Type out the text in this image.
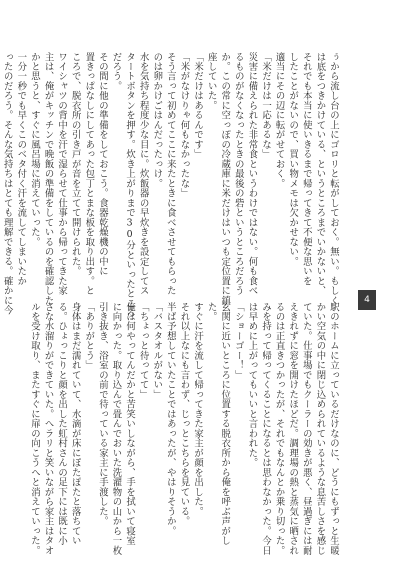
ぅから流し台の上にゴロリと転がしておく。無い。もしく
は底をつきかけている、というところまでいかないと、
それでも本当に使いきるまで帰ってきて不便な思いを
したことがないので、買い物メモは欠かせない。
適当にその辺に転がせておく。
「米だけは一応あるな」
災害に備えられた非常食というわけではない。何も食べ
るものがなくなったときの最後の砦というところだろう
か。この常に空っぽの冷蔵庫に米だけはいつも定位置に鎮
座していた。
「米だけはあるんです」
「米がなけりゃ何もなかったな」
そう言って初めてここに来たときに食べさせてもらった
のは卵かけごはんだったっけ。
水を気持ち程度少な目に。炊飯器の早炊きを設定してス
タートボタンを押す。炊き上がりまで30分といったところ
だろう。
その間に他の準備をしておこう。食器乾燥機の中に
置きっぱなしにしてあった包丁とまな板を取り出す。と
ころで、脱衣所の引き戸が音を立てて開けられた。
ワイシャツの背中を汗で湿らせて仕事から帰ってきた家
主は、俺がキッチンで晩飯の準備をしているのを確認した
かと思うと、すぐに風呂場に消えていった。
一分一秒でも早くこのベタ付く汗を流してしまいたか
ったのだろう。そんな気持ちはとても理解できる。確かに今	4
駅のホームに立っているだけなのに、どうにもずっと生暖
かい空気の中に閉じ込められているような息苦しさを感じ
ていた。仕事場でもクーラーの効きが悪く、昼過ぎには耐
えきれずに窓を開けたほどだ。調理場の熱と蒸気に晒され
るのは正直きつかったが、それでもなんとか乗り切った。
みを持って帰ってくることになるとは思わなかった。今日
は早めに上がってもいいと言われた。
「ショーゴー！」
玄関に近いところに位置する脱衣所から俺を呼ぶ声がし
た。
すぐに汗を流して帰ってきた家主が顔を出した。
それ以上なにも言わず、じっとこちらを見ている。
半ば予想していたことではあったが、やはりそうか。
「バスタオルがない」
「ちょっと待ってて」
俺は何やってんだかと苦笑いしながら、手を拭いて寝室
に向かった。取り込んで畳んでおいた洗濯物の山から一枚
引き抜き、浴室の前で待っている家主に手渡した。
「ありがとう」
身体はまだ濡れていて、水滴が床にぽたぽたと落ちてい
る。ひょっこりと顔を出した虹村さんの足下には既に小
さな水溜りができていた。へラリと笑いながら家主はタオ
ルを受け取り、またすぐに扉の向こうへと消えていった。
